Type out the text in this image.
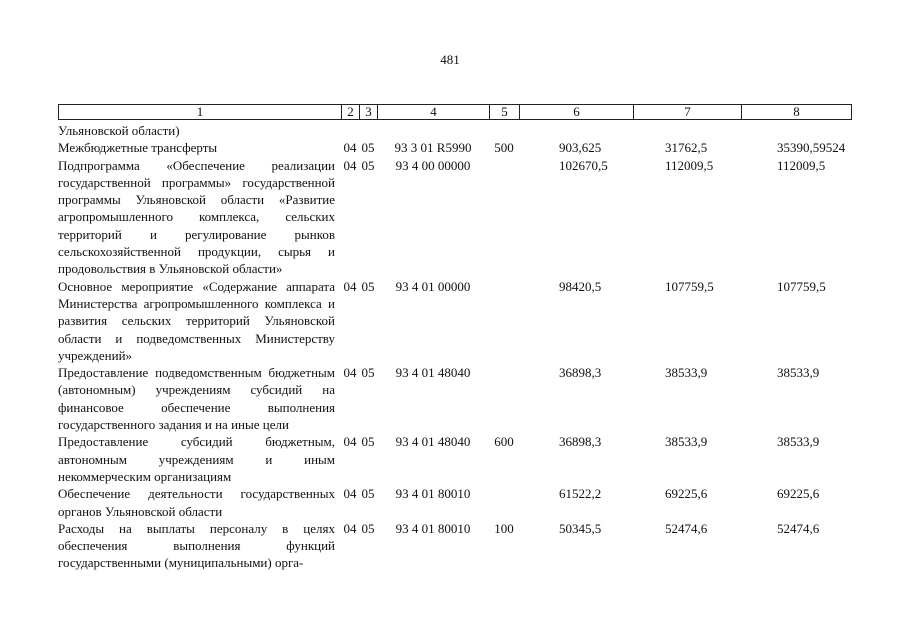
481
1	2	3	4	5	6	7	8
Ульяновской области)							
Межбюджетные трансферты	04	05	93 3 01 R5990	500	903,625	31762,5	35390,59524
Подпрограмма «Обеспечение реализации государственной программы» государственной программы Ульяновской области «Развитие агропромышленного комплекса, сельских территорий и регулирование рынков сельскохозяйственной продукции, сырья и продовольствия в Ульяновской области»	04	05	93 4 00 00000		102670,5	112009,5	112009,5
Основное мероприятие «Содержание аппарата Министерства агропромышленного комплекса и развития сельских территорий Ульяновской области и подведомственных Министерству учреждений»	04	05	93 4 01 00000		98420,5	107759,5	107759,5
Предоставление подведомственным бюджетным (автономным) учреждениям субсидий на финансовое обеспечение выполнения государственного задания и на иные цели	04	05	93 4 01 48040		36898,3	38533,9	38533,9
Предоставление субсидий бюджетным, автономным учреждениям и иным некоммерческим организациям	04	05	93 4 01 48040	600	36898,3	38533,9	38533,9
Обеспечение деятельности государственных органов Ульяновской области	04	05	93 4 01 80010		61522,2	69225,6	69225,6
Расходы на выплаты персоналу в целях обеспечения выполнения функций государственными (муниципальными) орга-	04	05	93 4 01 80010	100	50345,5	52474,6	52474,6
